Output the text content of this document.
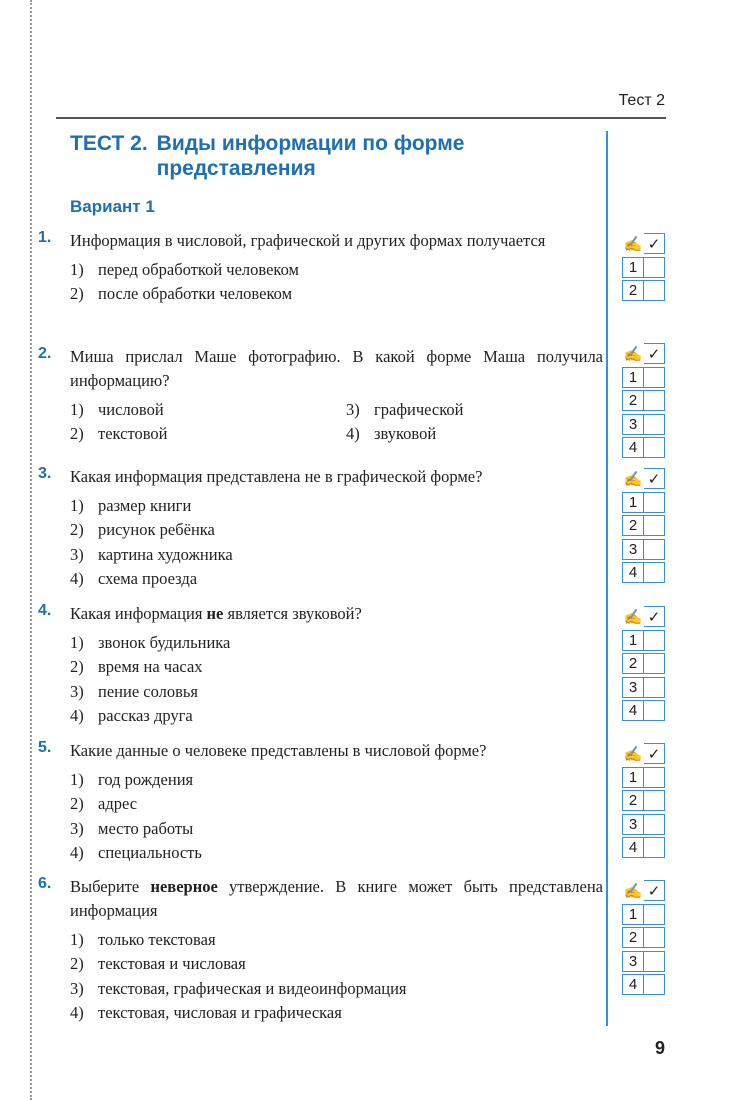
Тест 2
ТЕСТ 2. Виды информации по форме
представления
Вариант 1
1. Информация в числовой, графической и других формах получается
1) перед обработкой человеком
2) после обработки человеком
✍ ✓
1
2
2. Миша прислал Маше фотографию. В какой форме Маша получила информацию?
1) числовой	3) графической
2) текстовой	4) звуковой
✍ ✓
1
2
3
4
3. Какая информация представлена не в графической форме?
1) размер книги
2) рисунок ребёнка
3) картина художника
4) схема проезда
✍ ✓
1
2
3
4
4. Какая информация не является звуковой?
1) звонок будильника
2) время на часах
3) пение соловья
4) рассказ друга
✍ ✓
1
2
3
4
5. Какие данные о человеке представлены в числовой форме?
1) год рождения
2) адрес
3) место работы
4) специальность
✍ ✓
1
2
3
4
6. Выберите неверное утверждение. В книге может быть представлена информация
1) только текстовая
2) текстовая и числовая
3) текстовая, графическая и видеоинформация
4) текстовая, числовая и графическая
✍ ✓
1
2
3
4
9
